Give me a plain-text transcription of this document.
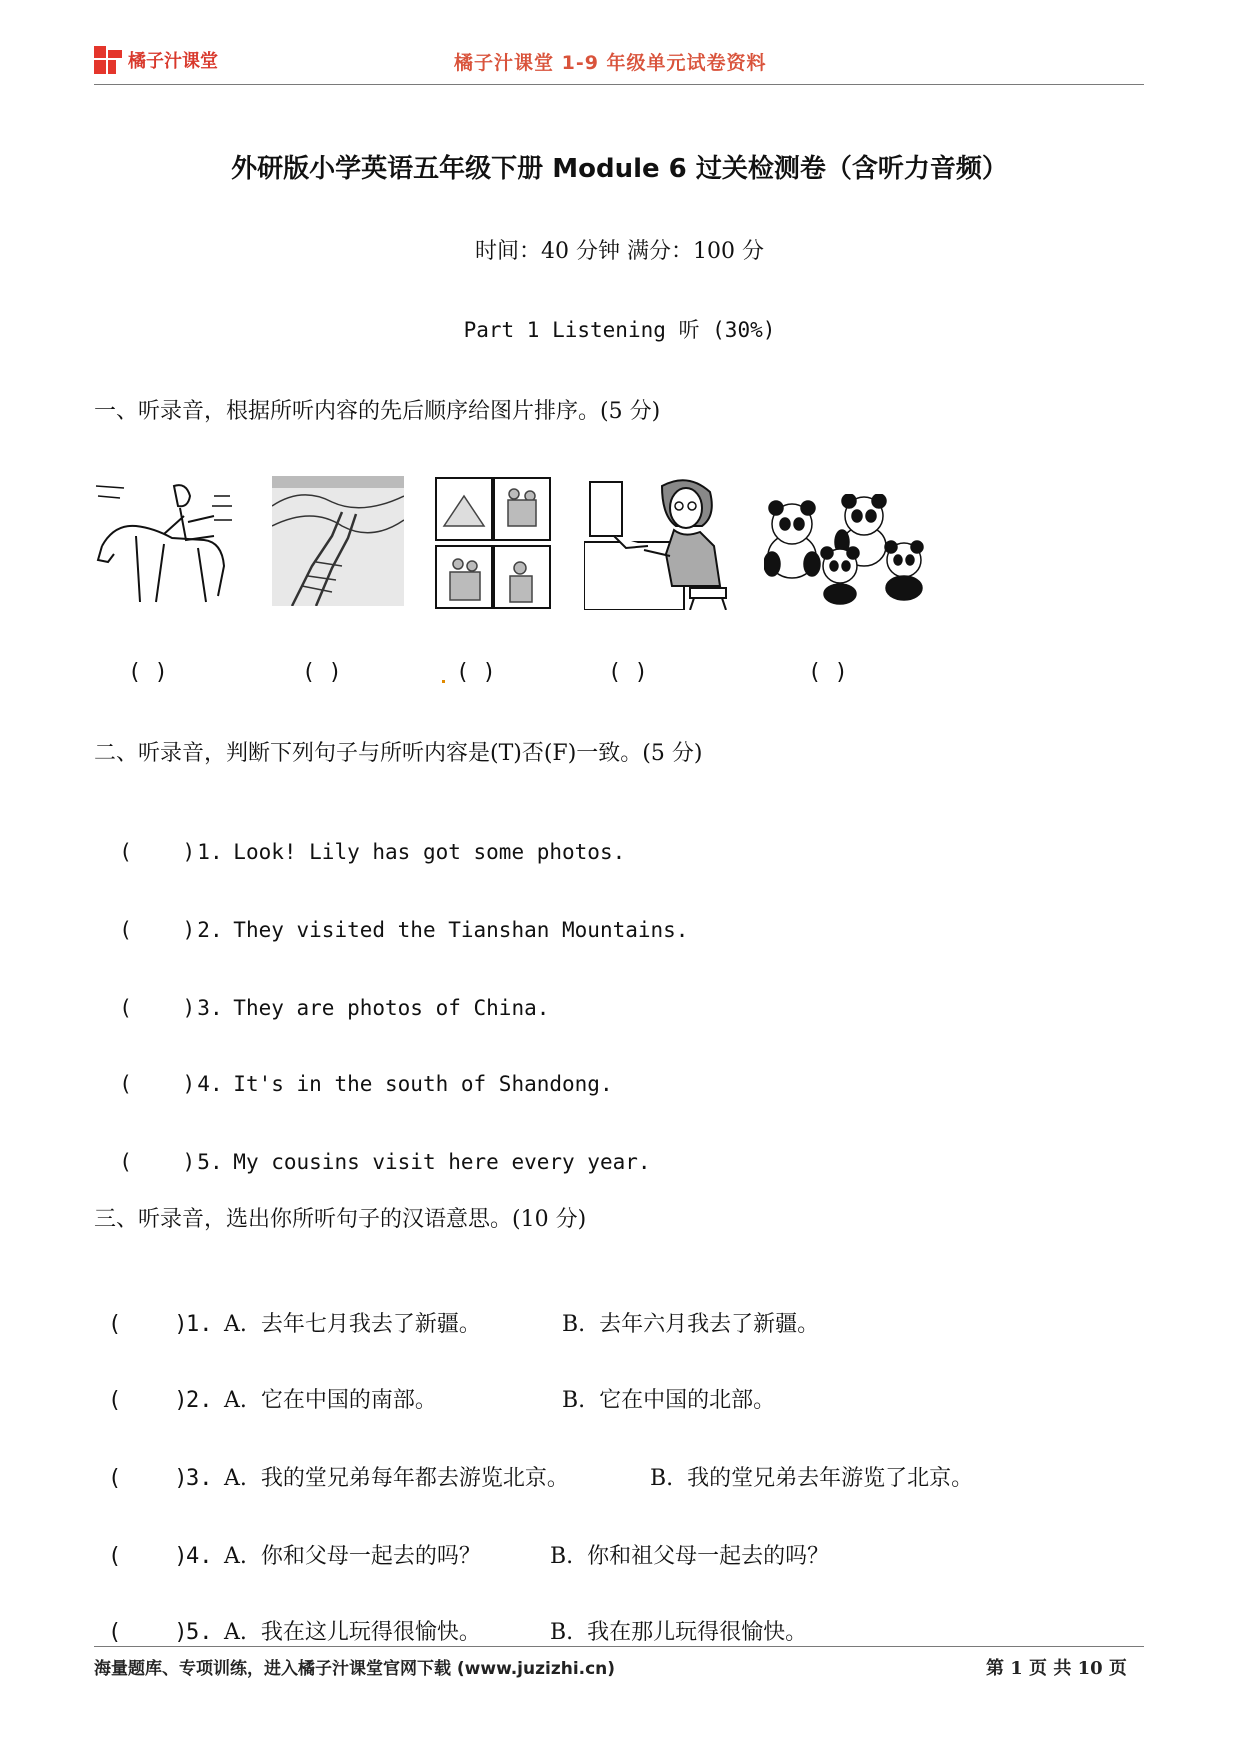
橘子汁课堂	橘子汁课堂 1-9 年级单元试卷资料
外研版小学英语五年级下册 Module 6 过关检测卷（含听力音频）
时间：40 分钟 满分：100 分
Part 1 Listening 听 (30%)
一、听录音，根据所听内容的先后顺序给图片排序。(5 分)
( )	( )	( )	( )	( )
二、听录音，判断下列句子与所听内容是(T)否(F)一致。(5 分)

(    ) 1. Look! Lily has got some photos.

(    ) 2. They visited the Tianshan Mountains.

(    ) 3. They are photos of China.

(    ) 4. It's in the south of Shandong.

(    ) 5. My cousins visit here every year.

三、听录音，选出你所听句子的汉语意思。(10 分)

(    )1. A.  去年七月我去了新疆。	B.  去年六月我去了新疆。

(    )2. A.  它在中国的南部。	B.  它在中国的北部。

(    )3. A.  我的堂兄弟每年都去游览北京。	B.  我的堂兄弟去年游览了北京。

(    )4. A.  你和父母一起去的吗？	B.  你和祖父母一起去的吗？

(    )5. A.  我在这儿玩得很愉快。	B.  我在那儿玩得很愉快。

海量题库、专项训练，进入橘子汁课堂官网下载 (www.juzizhi.cn)	第 1 页 共 10 页
